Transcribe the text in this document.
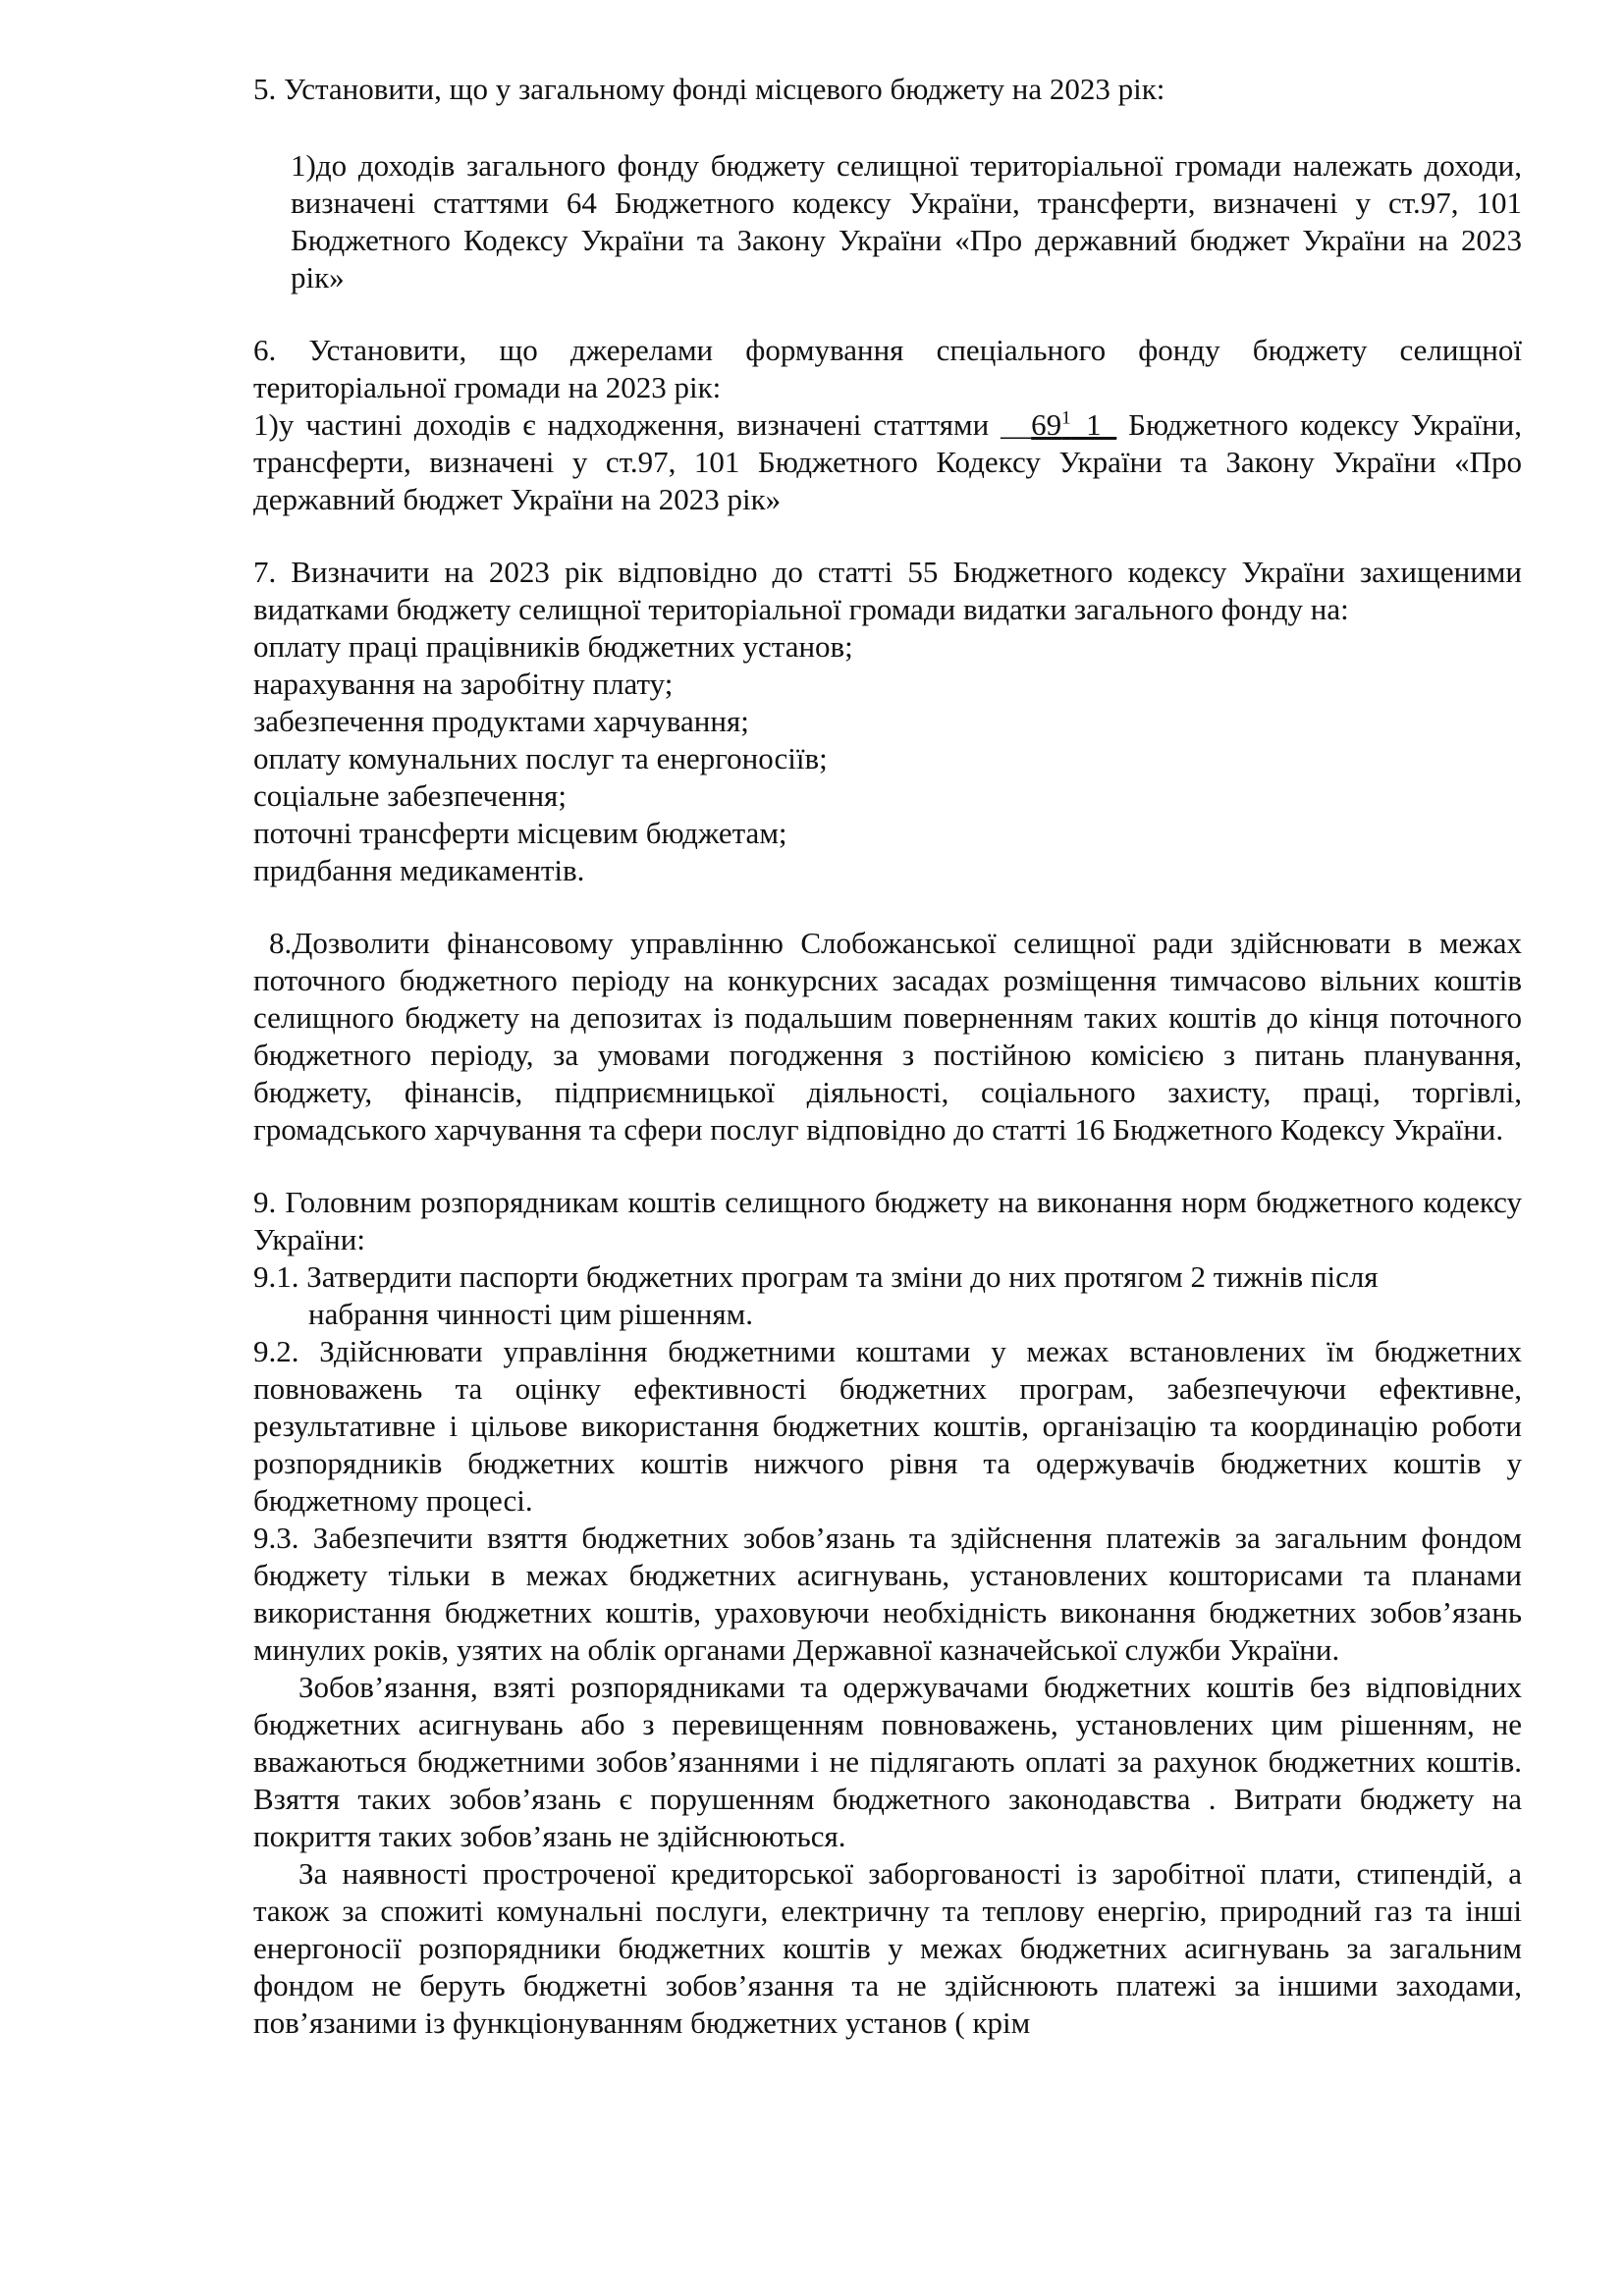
5. Установити, що у загальному фонді місцевого бюджету на 2023 рік:

1)до доходів загального фонду бюджету селищної територіальної громади належать доходи, визначені статтями 64 Бюджетного кодексу України, трансферти, визначені у ст.97, 101 Бюджетного Кодексу України та Закону України «Про державний бюджет України на 2023 рік»

6. Установити, що джерелами формування спеціального фонду бюджету селищної територіальної громади на 2023 рік:

1)у частині доходів є надходження, визначені статтями $\_\_69^1\_1\_$ Бюджетного кодексу України, трансферти, визначені у ст.97, 101 Бюджетного Кодексу України та Закону України «Про державний бюджет України на 2023 рік»

7. Визначити на 2023 рік відповідно до статті 55 Бюджетного кодексу України захищеними видатками бюджету селищної територіальної громади видатки загального фонду на:

оплату праці працівників бюджетних установ;

нарахування на заробітну плату;

забезпечення продуктами харчування;

оплату комунальних послуг та енергоносіїв;

соціальне забезпечення;

поточні трансферти місцевим бюджетам;

придбання медикаментів.

8.Дозволити фінансовому управлінню Слобожанської селищної ради здійснювати в межах поточного бюджетного періоду на конкурсних засадах розміщення тимчасово вільних коштів селищного бюджету на депозитах із подальшим поверненням таких коштів до кінця поточного бюджетного періоду, за умовами погодження з постійною комісією з питань планування, бюджету, фінансів, підприємницької діяльності, соціального захисту, праці, торгівлі, громадського харчування та сфери послуг відповідно до статті 16 Бюджетного Кодексу України.

9. Головним розпорядникам коштів селищного бюджету на виконання норм бюджетного кодексу України:

9.1. Затвердити паспорти бюджетних програм та зміни до них протягом 2 тижнів після

набрання чинності цим рішенням.

9.2. Здійснювати управління бюджетними коштами у межах встановлених їм бюджетних повноважень та оцінку ефективності бюджетних програм, забезпечуючи ефективне, результативне і цільове використання бюджетних коштів, організацію та координацію роботи розпорядників бюджетних коштів нижчого рівня та одержувачів бюджетних коштів у бюджетному процесі.

9.3. Забезпечити взяття бюджетних зобов’язань та здійснення платежів за загальним фондом бюджету тільки в межах бюджетних асигнувань, установлених кошторисами та планами використання бюджетних коштів, ураховуючи необхідність виконання бюджетних зобов’язань минулих років, узятих на облік органами Державної казначейської служби України.

Зобов’язання, взяті розпорядниками та одержувачами бюджетних коштів без відповідних бюджетних асигнувань або з перевищенням повноважень, установлених цим рішенням, не вважаються бюджетними зобов’язаннями і не підлягають оплаті за рахунок бюджетних коштів. Взяття таких зобов’язань є порушенням бюджетного законодавства . Витрати бюджету на покриття таких зобов’язань не здійснюються.

За наявності простроченої кредиторської заборгованості із заробітної плати, стипендій, а також за спожиті комунальні послуги, електричну та теплову енергію, природний газ та інші енергоносії розпорядники бюджетних коштів у межах бюджетних асигнувань за загальним фондом не беруть бюджетні зобов’язання та не здійснюють платежі за іншими заходами, пов’язаними із функціонуванням бюджетних установ ( крім
